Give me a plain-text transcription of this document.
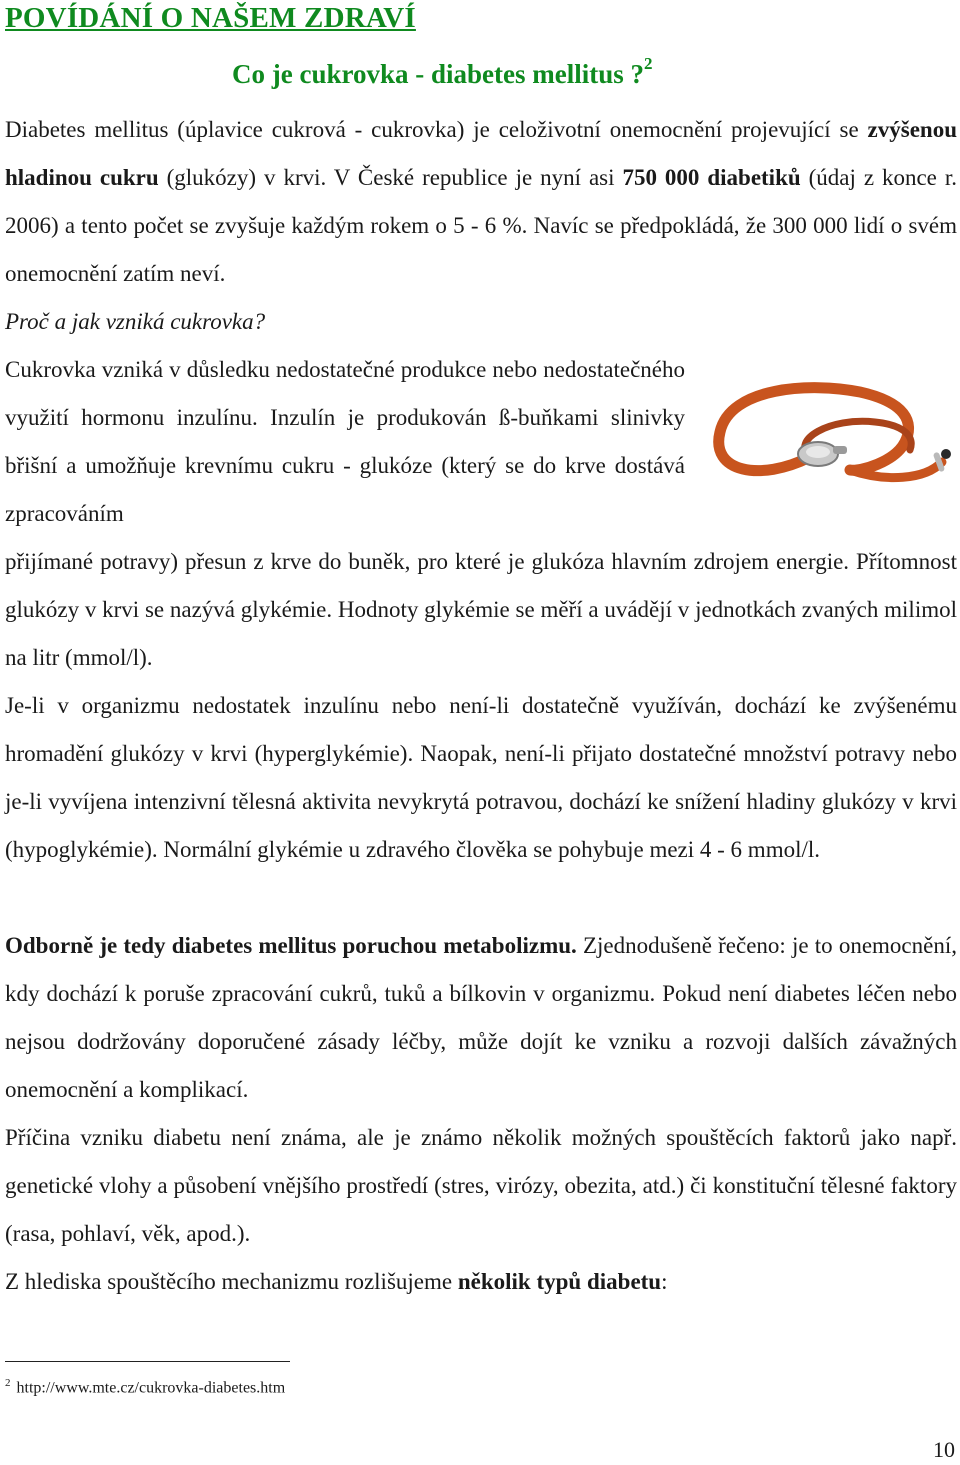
POVÍDÁNÍ O NAŠEM ZDRAVÍ
Co je cukrovka - diabetes mellitus ?$^2$
Diabetes mellitus (úplavice cukrová - cukrovka) je celoživotní onemocnění projevující se zvýšenou hladinou cukru (glukózy) v krvi. V České republice je nyní asi 750 000 diabetiků (údaj z konce r. 2006) a tento počet se zvyšuje každým rokem o 5 - 6 %. Navíc se předpokládá, že 300 000 lidí o svém onemocnění zatím neví.
Proč a jak vzniká cukrovka?
Cukrovka vzniká v důsledku nedostatečné produkce nebo nedostatečného využití hormonu inzulínu. Inzulín je produkován ß-buňkami slinivky břišní a umožňuje krevnímu cukru - glukóze (který se do krve dostává zpracováním
přijímané potravy) přesun z krve do buněk, pro které je glukóza hlavním zdrojem energie. Přítomnost glukózy v krvi se nazývá glykémie. Hodnoty glykémie se měří a uvádějí v jednotkách zvaných milimol na litr (mmol/l).
Je-li v organizmu nedostatek inzulínu nebo není-li dostatečně využíván, dochází ke zvýšenému hromadění glukózy v krvi (hyperglykémie). Naopak, není-li přijato dostatečné množství potravy nebo je-li vyvíjena intenzivní tělesná aktivita nevykrytá potravou, dochází ke snížení hladiny glukózy v krvi (hypoglykémie). Normální glykémie u zdravého člověka se pohybuje mezi 4 - 6 mmol/l.
Odborně je tedy diabetes mellitus poruchou metabolizmu. Zjednodušeně řečeno: je to onemocnění, kdy dochází k poruše zpracování cukrů, tuků a bílkovin v organizmu. Pokud není diabetes léčen nebo nejsou dodržovány doporučené zásady léčby, může dojít ke vzniku a rozvoji dalších závažných onemocnění a komplikací.
Příčina vzniku diabetu není známa, ale je známo několik možných spouštěcích faktorů jako např. genetické vlohy a působení vnějšího prostředí (stres, virózy, obezita, atd.) či konstituční tělesné faktory (rasa, pohlaví, věk, apod.).
Z hlediska spouštěcího mechanizmu rozlišujeme několik typů diabetu:
$^2$ http://www.mte.cz/cukrovka-diabetes.htm
10
